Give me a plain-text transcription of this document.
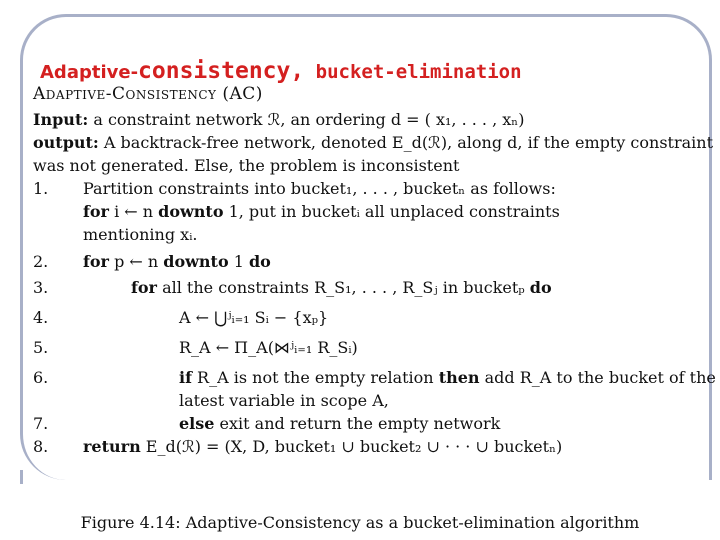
Adaptive-consistency, bucket-elimination
Adaptive-Consistency (AC)
Input: a constraint network ℛ, an ordering d = ( x₁, . . . , xₙ)
output: A backtrack-free network, denoted E_d(ℛ), along d, if the empty constraint
was not generated. Else, the problem is inconsistent
1. Partition constraints into bucket₁, . . . , bucketₙ as follows:
for i ← n downto 1, put in bucketᵢ all unplaced constraints
mentioning xᵢ.
2. for p ← n downto 1 do
3.	for all the constraints R_S₁, . . . , R_Sⱼ in bucketₚ do
4.	A ← ⋃ʲᵢ₌₁ Sᵢ − {xₚ}
5.	R_A ← Π_A(⋈ʲᵢ₌₁ R_Sᵢ)
6.	if R_A is not the empty relation then add R_A to the bucket of the
latest variable in scope A,
7.	else exit and return the empty network
8. return E_d(ℛ) = (X, D, bucket₁ ∪ bucket₂ ∪ · · · ∪ bucketₙ)
Figure 4.14: Adaptive-Consistency as a bucket-elimination algorithm
